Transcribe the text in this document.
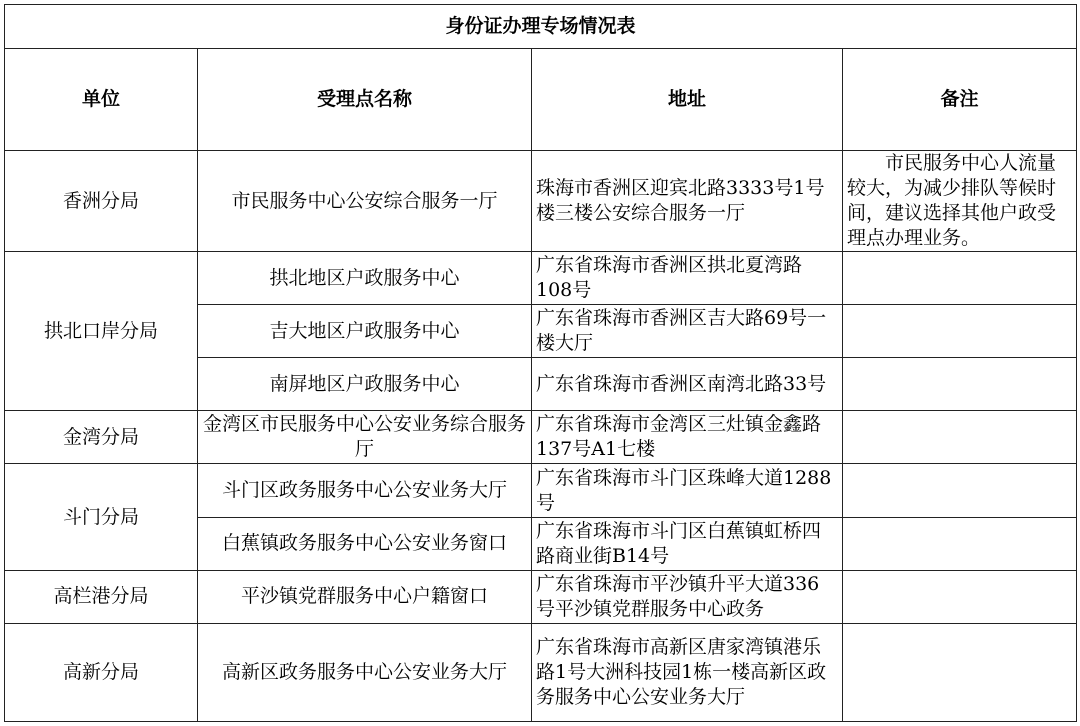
身份证办理专场情况表			
单位	受理点名称	地址	备注
香洲分局	市民服务中心公安综合服务一厅	珠海市香洲区迎宾北路3333号1号楼三楼公安综合服务一厅	市民服务中心人流量较大，为减少排队等候时间，建议选择其他户政受理点办理业务。
拱北口岸分局	拱北地区户政服务中心	广东省珠海市香洲区拱北夏湾路108号	
	吉大地区户政服务中心	广东省珠海市香洲区吉大路69号一楼大厅	
	南屏地区户政服务中心	广东省珠海市香洲区南湾北路33号	
金湾分局	金湾区市民服务中心公安业务综合服务厅	广东省珠海市金湾区三灶镇金鑫路137号A1七楼	
斗门分局	斗门区政务服务中心公安业务大厅	广东省珠海市斗门区珠峰大道1288号	
	白蕉镇政务服务中心公安业务窗口	广东省珠海市斗门区白蕉镇虹桥四路商业街B14号	
高栏港分局	平沙镇党群服务中心户籍窗口	广东省珠海市平沙镇升平大道336号平沙镇党群服务中心政务	
高新分局	高新区政务服务中心公安业务大厅	广东省珠海市高新区唐家湾镇港乐路1号大洲科技园1栋一楼高新区政务服务中心公安业务大厅	
